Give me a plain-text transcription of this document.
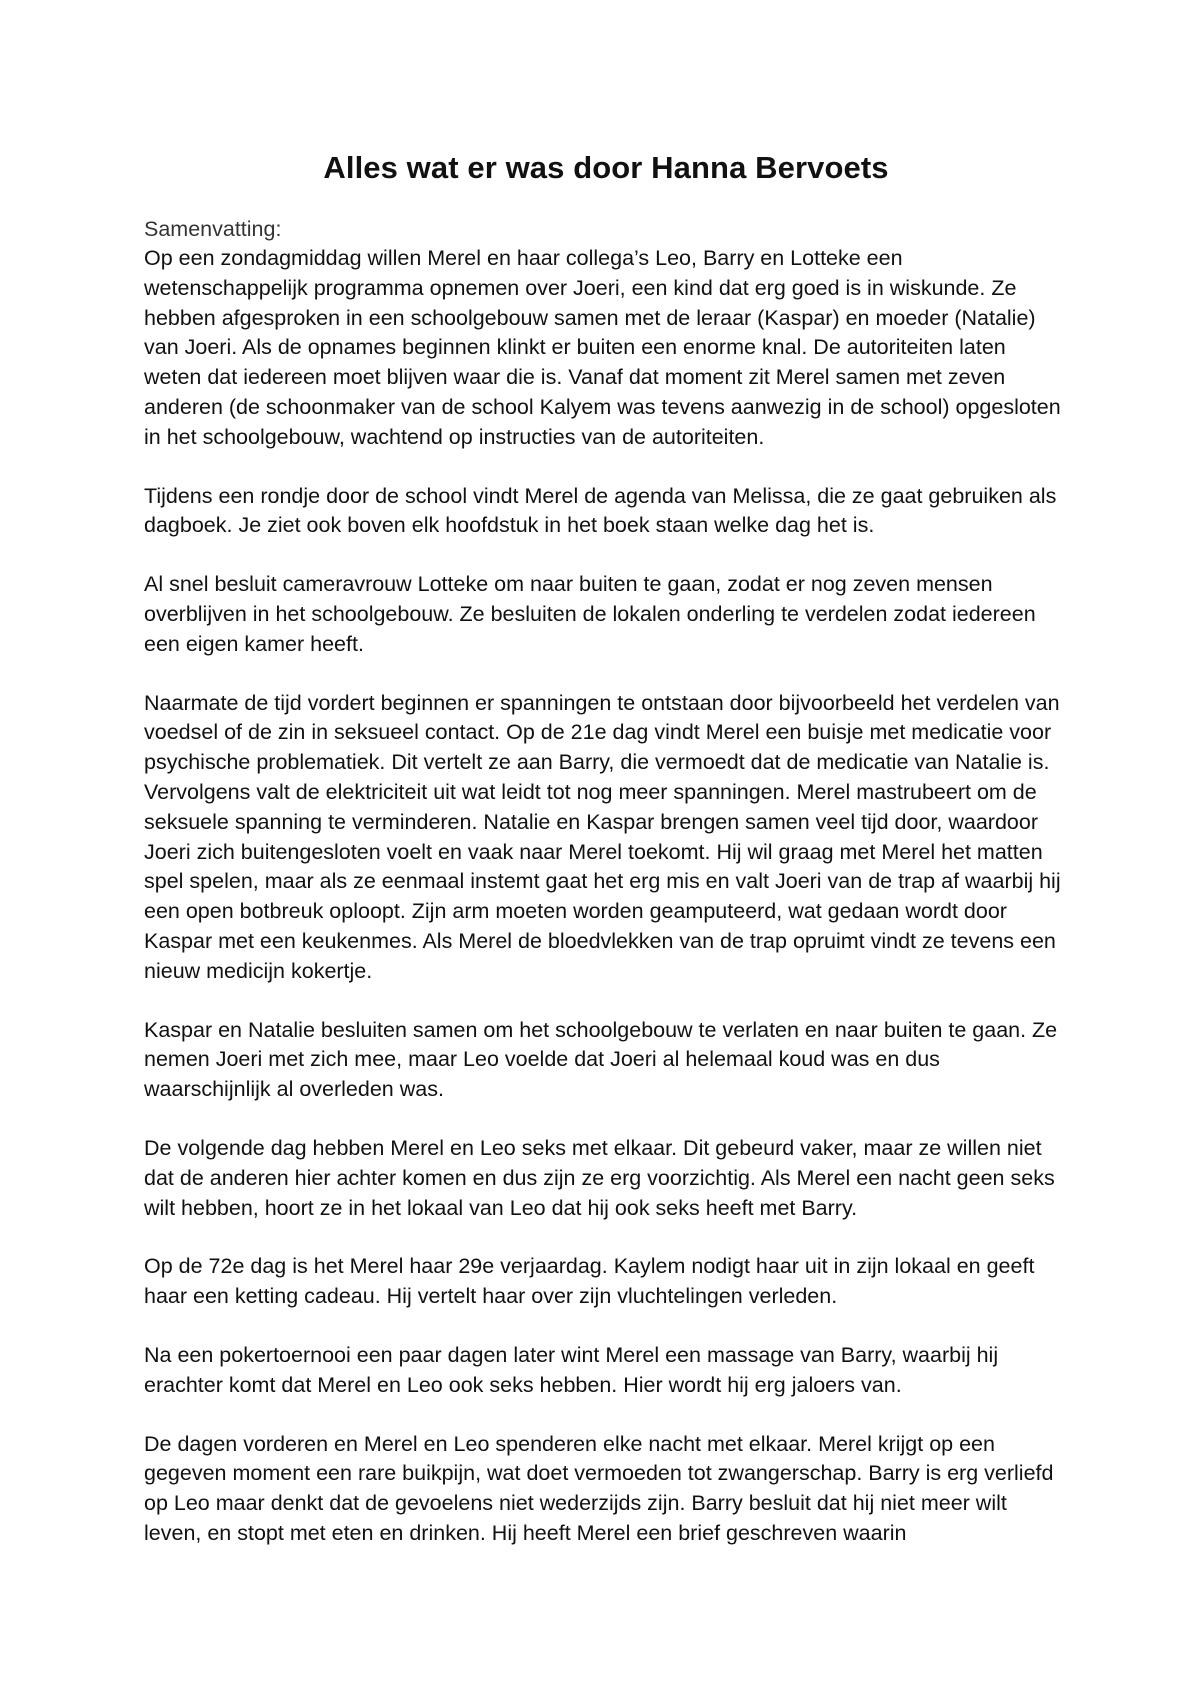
Alles wat er was door Hanna Bervoets

Samenvatting:

Op een zondagmiddag willen Merel en haar collega’s Leo, Barry en Lotteke een wetenschappelijk programma opnemen over Joeri, een kind dat erg goed is in wiskunde. Ze hebben afgesproken in een schoolgebouw samen met de leraar (Kaspar) en moeder (Natalie) van Joeri. Als de opnames beginnen klinkt er buiten een enorme knal. De autoriteiten laten weten dat iedereen moet blijven waar die is. Vanaf dat moment zit Merel samen met zeven anderen (de schoonmaker van de school Kalyem was tevens aanwezig in de school) opgesloten in het schoolgebouw, wachtend op instructies van de autoriteiten.

Tijdens een rondje door de school vindt Merel de agenda van Melissa, die ze gaat gebruiken als dagboek. Je ziet ook boven elk hoofdstuk in het boek staan welke dag het is.

Al snel besluit cameravrouw Lotteke om naar buiten te gaan, zodat er nog zeven mensen overblijven in het schoolgebouw. Ze besluiten de lokalen onderling te verdelen zodat iedereen een eigen kamer heeft.

Naarmate de tijd vordert beginnen er spanningen te ontstaan door bijvoorbeeld het verdelen van voedsel of de zin in seksueel contact. Op de 21e dag vindt Merel een buisje met medicatie voor psychische problematiek. Dit vertelt ze aan Barry, die vermoedt dat de medicatie van Natalie is. Vervolgens valt de elektriciteit uit wat leidt tot nog meer spanningen. Merel mastrubeert om de seksuele spanning te verminderen. Natalie en Kaspar brengen samen veel tijd door, waardoor Joeri zich buitengesloten voelt en vaak naar Merel toekomt. Hij wil graag met Merel het matten spel spelen, maar als ze eenmaal instemt gaat het erg mis en valt Joeri van de trap af waarbij hij een open botbreuk oploopt. Zijn arm moeten worden geamputeerd, wat gedaan wordt door Kaspar met een keukenmes. Als Merel de bloedvlekken van de trap opruimt vindt ze tevens een nieuw medicijn kokertje.

Kaspar en Natalie besluiten samen om het schoolgebouw te verlaten en naar buiten te gaan. Ze nemen Joeri met zich mee, maar Leo voelde dat Joeri al helemaal koud was en dus waarschijnlijk al overleden was.

De volgende dag hebben Merel en Leo seks met elkaar. Dit gebeurd vaker, maar ze willen niet dat de anderen hier achter komen en dus zijn ze erg voorzichtig. Als Merel een nacht geen seks wilt hebben, hoort ze in het lokaal van Leo dat hij ook seks heeft met Barry.

Op de 72e dag is het Merel haar 29e verjaardag. Kaylem nodigt haar uit in zijn lokaal en geeft haar een ketting cadeau. Hij vertelt haar over zijn vluchtelingen verleden.

Na een pokertoernooi een paar dagen later wint Merel een massage van Barry, waarbij hij erachter komt dat Merel en Leo ook seks hebben. Hier wordt hij erg jaloers van.

De dagen vorderen en Merel en Leo spenderen elke nacht met elkaar. Merel krijgt op een gegeven moment een rare buikpijn, wat doet vermoeden tot zwangerschap. Barry is erg verliefd op Leo maar denkt dat de gevoelens niet wederzijds zijn. Barry besluit dat hij niet meer wilt leven, en stopt met eten en drinken. Hij heeft Merel een brief geschreven waarin
